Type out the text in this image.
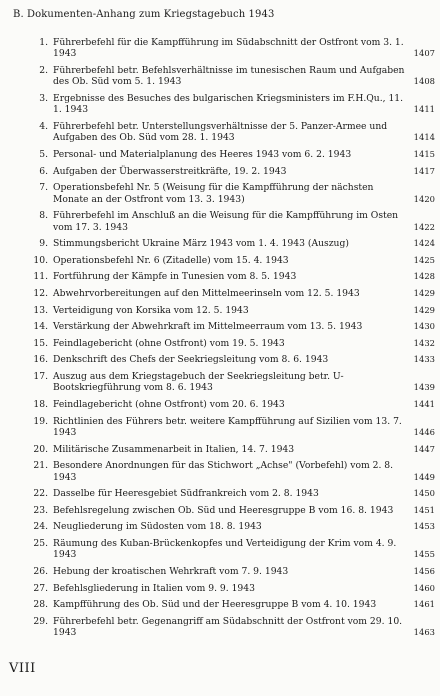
B. Dokumenten-Anhang zum Kriegstagebuch 1943
1. Führerbefehl für die Kampfführung im Südabschnitt der Ostfront vom 3. 1. 1943	1407
2. Führerbefehl betr. Befehlsverhältnisse im tunesischen Raum und Aufgaben des Ob. Süd vom 5. 1. 1943	1408
3. Ergebnisse des Besuches des bulgarischen Kriegsministers im F.H.Qu., 11. 1. 1943	1411
4. Führerbefehl betr. Unterstellungsverhältnisse der 5. Panzer-Armee und Aufgaben des Ob. Süd vom 28. 1. 1943	1414
5. Personal- und Materialplanung des Heeres 1943 vom 6. 2. 1943	1415
6. Aufgaben der Überwasserstreitkräfte, 19. 2. 1943	1417
7. Operationsbefehl Nr. 5 (Weisung für die Kampfführung der nächsten Monate an der Ostfront vom 13. 3. 1943)	1420
8. Führerbefehl im Anschluß an die Weisung für die Kampfführung im Osten vom 17. 3. 1943	1422
9. Stimmungsbericht Ukraine März 1943 vom 1. 4. 1943 (Auszug)	1424
10. Operationsbefehl Nr. 6 (Zitadelle) vom 15. 4. 1943	1425
11. Fortführung der Kämpfe in Tunesien vom 8. 5. 1943	1428
12. Abwehrvorbereitungen auf den Mittelmeerinseln vom 12. 5. 1943	1429
13. Verteidigung von Korsika vom 12. 5. 1943	1429
14. Verstärkung der Abwehrkraft im Mittelmeerraum vom 13. 5. 1943	1430
15. Feindlagebericht (ohne Ostfront) vom 19. 5. 1943	1432
16. Denkschrift des Chefs der Seekriegsleitung vom 8. 6. 1943	1433
17. Auszug aus dem Kriegstagebuch der Seekriegsleitung betr. U-Bootskriegführung vom 8. 6. 1943	1439
18. Feindlagebericht (ohne Ostfront) vom 20. 6. 1943	1441
19. Richtlinien des Führers betr. weitere Kampfführung auf Sizilien vom 13. 7. 1943	1446
20. Militärische Zusammenarbeit in Italien, 14. 7. 1943	1447
21. Besondere Anordnungen für das Stichwort „Achse" (Vorbefehl) vom 2. 8. 1943	1449
22. Dasselbe für Heeresgebiet Südfrankreich vom 2. 8. 1943	1450
23. Befehlsregelung zwischen Ob. Süd und Heeresgruppe B vom 16. 8. 1943	1451
24. Neugliederung im Südosten vom 18. 8. 1943	1453
25. Räumung des Kuban-Brückenkopfes und Verteidigung der Krim vom 4. 9. 1943	1455
26. Hebung der kroatischen Wehrkraft vom 7. 9. 1943	1456
27. Befehlsgliederung in Italien vom 9. 9. 1943	1460
28. Kampfführung des Ob. Süd und der Heeresgruppe B vom 4. 10. 1943	1461
29. Führerbefehl betr. Gegenangriff am Südabschnitt der Ostfront vom 29. 10. 1943	1463
VIII
